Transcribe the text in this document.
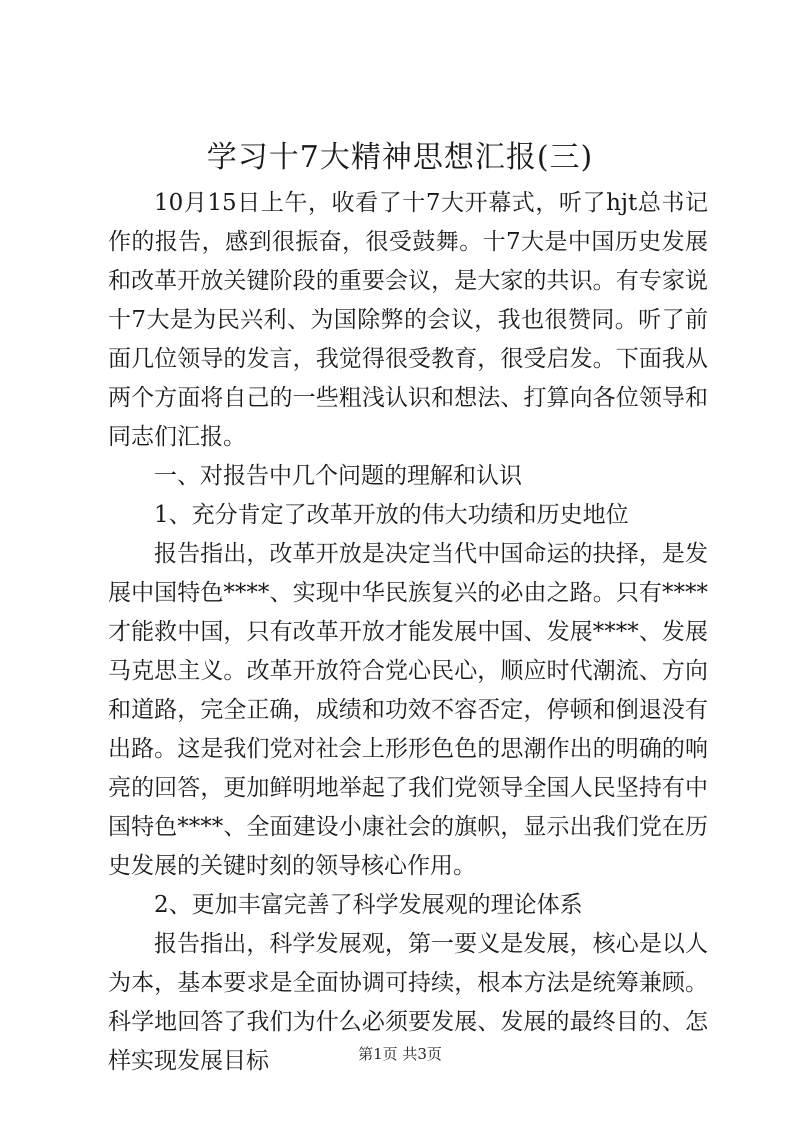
学习十7大精神思想汇报(三)

10月15日上午，收看了十7大开幕式，听了hjt总书记作的报告，感到很振奋，很受鼓舞。十7大是中国历史发展和改革开放关键阶段的重要会议，是大家的共识。有专家说十7大是为民兴利、为国除弊的会议，我也很赞同。听了前面几位领导的发言，我觉得很受教育，很受启发。下面我从两个方面将自己的一些粗浅认识和想法、打算向各位领导和同志们汇报。

一、对报告中几个问题的理解和认识

1、充分肯定了改革开放的伟大功绩和历史地位

报告指出，改革开放是决定当代中国命运的抉择，是发展中国特色****、实现中华民族复兴的必由之路。只有****才能救中国，只有改革开放才能发展中国、发展****、发展马克思主义。改革开放符合党心民心，顺应时代潮流、方向和道路，完全正确，成绩和功效不容否定，停顿和倒退没有出路。这是我们党对社会上形形色色的思潮作出的明确的响亮的回答，更加鲜明地举起了我们党领导全国人民坚持有中国特色****、全面建设小康社会的旗帜，显示出我们党在历史发展的关键时刻的领导核心作用。

2、更加丰富完善了科学发展观的理论体系

报告指出，科学发展观，第一要义是发展，核心是以人为本，基本要求是全面协调可持续，根本方法是统筹兼顾。科学地回答了我们为什么必须要发展、发展的最终目的、怎样实现发展目标	第1页 共3页
